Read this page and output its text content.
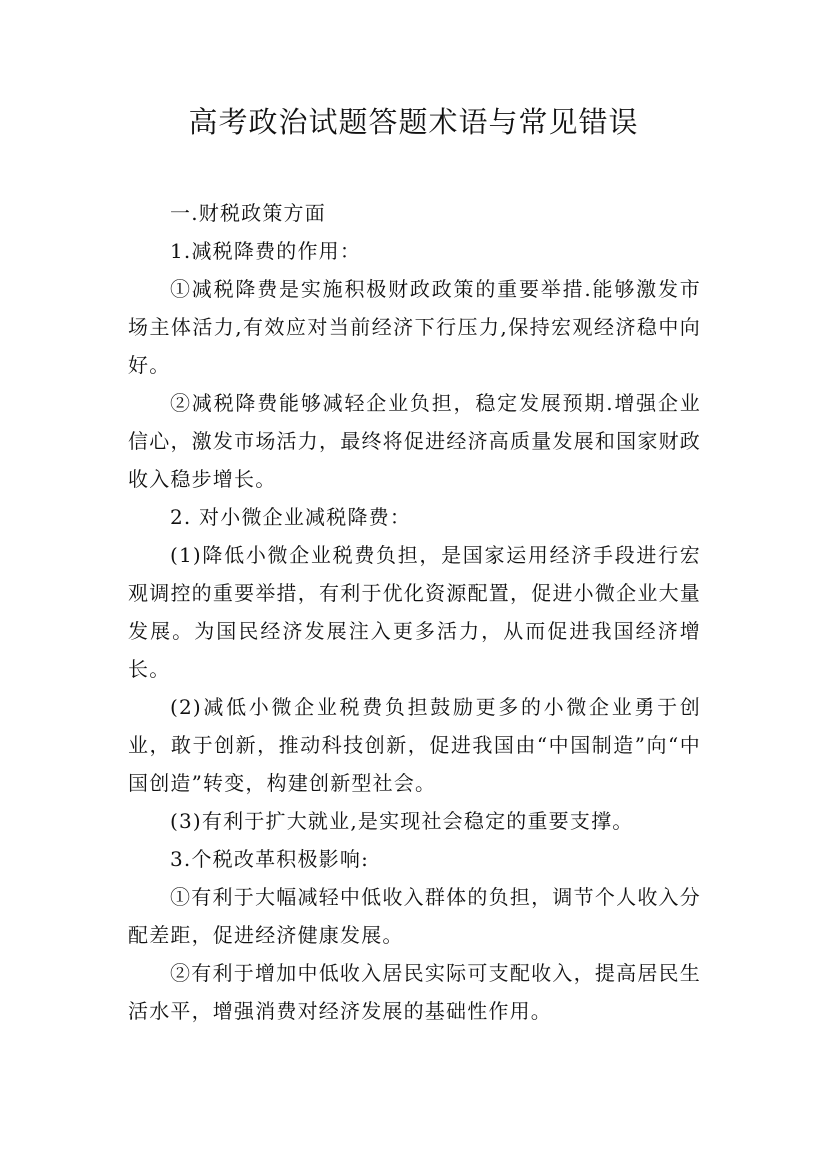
高考政治试题答题术语与常见错误

一.财税政策方面

1.减税降费的作用：

①减税降费是实施积极财政政策的重要举措.能够激发市场主体活力,有效应对当前经济下行压力,保持宏观经济稳中向好。

②减税降费能够减轻企业负担，稳定发展预期.增强企业信心，激发市场活力，最终将促进经济高质量发展和国家财政收入稳步增长。

2. 对小微企业减税降费：

(1)降低小微企业税费负担，是国家运用经济手段进行宏观调控的重要举措，有利于优化资源配置，促进小微企业大量发展。为国民经济发展注入更多活力，从而促进我国经济增长。

(2)减低小微企业税费负担鼓励更多的小微企业勇于创业，敢于创新，推动科技创新，促进我国由“中国制造”向“中国创造”转变，构建创新型社会。

(3)有利于扩大就业,是实现社会稳定的重要支撑。

3.个税改革积极影响:

①有利于大幅减轻中低收入群体的负担，调节个人收入分配差距，促进经济健康发展。

②有利于增加中低收入居民实际可支配收入，提高居民生活水平，增强消费对经济发展的基础性作用。
